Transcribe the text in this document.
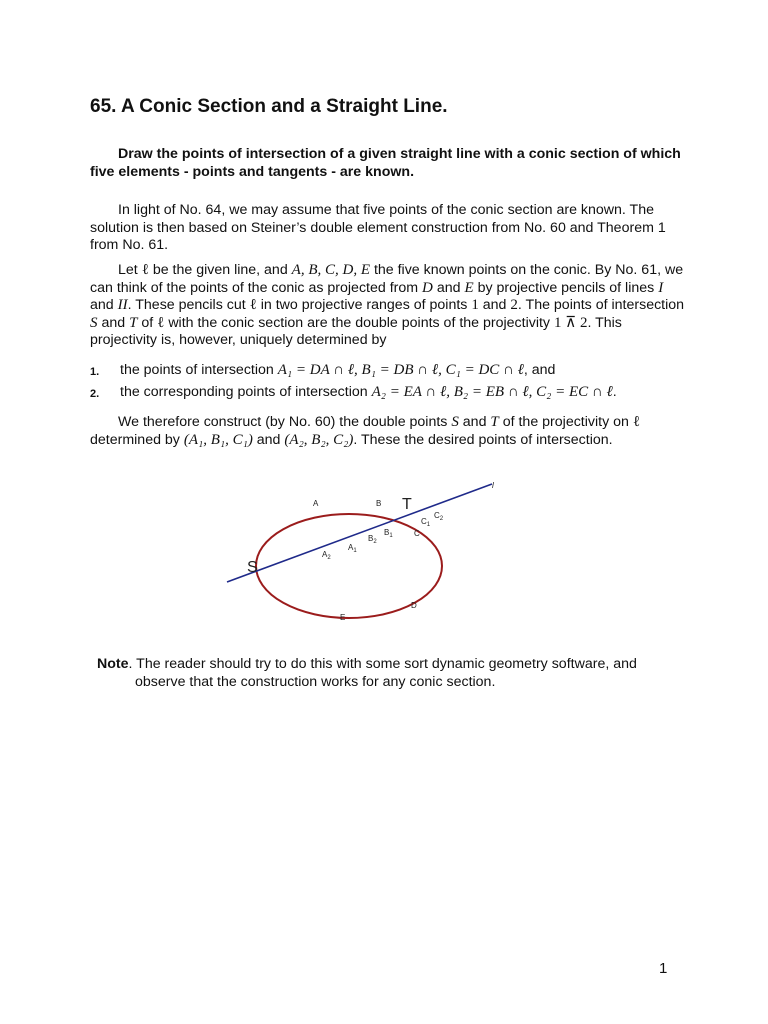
65. A Conic Section and a Straight Line.

Draw the points of intersection of a given straight line with a conic section of which five elements - points and tangents - are known.

In light of No. 64, we may assume that five points of the conic section are known. The solution is then based on Steiner’s double element construction from No. 60 and Theorem 1 from No. 61.

Let ℓ be the given line, and A, B, C, D, E the five known points on the conic. By No. 61, we can think of the points of the conic as projected from D and E by projective pencils of lines I and II. These pencils cut ℓ in two projective ranges of points 1 and 2. The points of intersection S and T of ℓ with the conic section are the double points of the projectivity 1 ⊼ 2. This projectivity is, however, uniquely determined by

1.	the points of intersection A₁ = DA ∩ ℓ, B₁ = DB ∩ ℓ, C₁ = DC ∩ ℓ, and
2.	the corresponding points of intersection A₂ = EA ∩ ℓ, B₂ = EB ∩ ℓ, C₂ = EC ∩ ℓ.

We therefore construct (by No. 60) the double points S and T of the projectivity on ℓ determined by (A₁, B₁, C₁) and (A₂, B₂, C₂). These the desired points of intersection.

l
S
T
A	B
C
D
E
$A_1$
$A_2$
$B_1$
$B_2$
$C_1$
$C_2$
Note. The reader should try to do this with some sort dynamic geometry software, and
observe that the construction works for any conic section.
1
